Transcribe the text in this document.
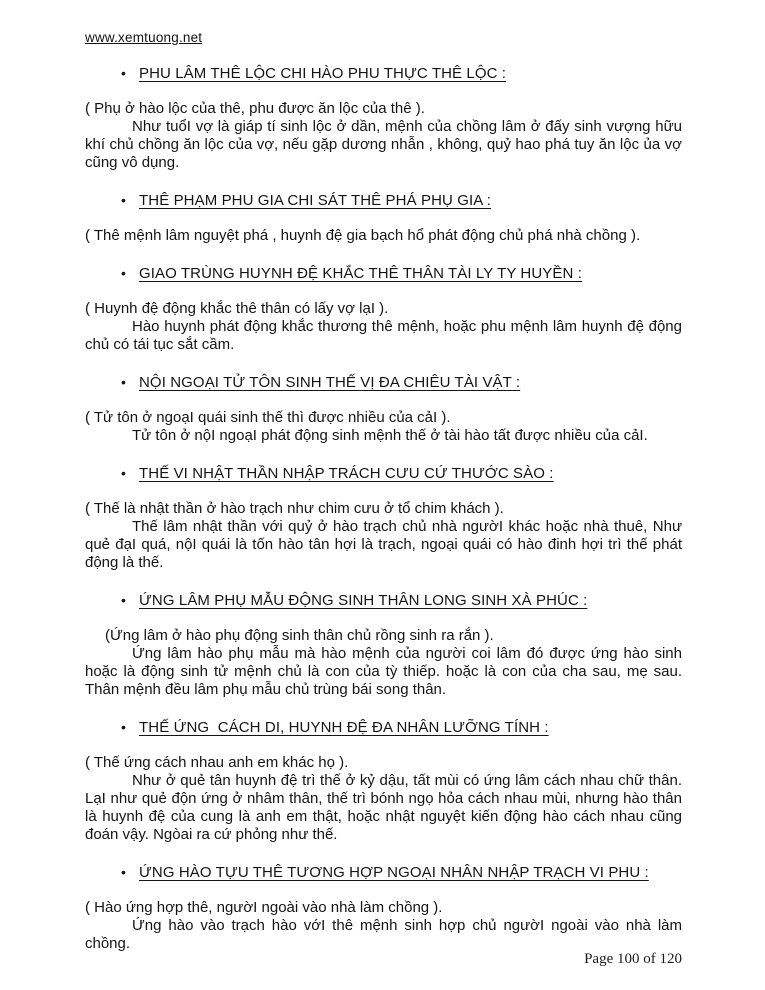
www.xemtuong.net
• PHU LÂM THÊ LỘC CHI HÀO PHU THỰC THÊ LỘC :
( Phụ ở hào lộc của thê, phu được ăn lộc của thê ).
Như tuổI vợ là giáp tí sinh lộc ở dần, mệnh của chồng lâm ở đấy sinh vượng hữu khí chủ chồng ăn lộc của vợ, nếu gặp dương nhẫn , không, quỷ hao phá tuy ăn lộc ủa vợ cũng vô dụng.
• THÊ PHẠM PHU GIA CHI SÁT THÊ PHÁ PHỤ GIA :
( Thê mệnh lâm nguyệt phá , huynh đệ gia bạch hổ phát động chủ phá nhà chồng ).
• GIAO TRÙNG HUYNH ĐỆ KHẮC THÊ THÂN TÀI LY TY HUYỀN :
( Huynh đệ động khắc thê thân có lấy vợ lạI ).
Hào huynh phát động khắc thương thê mệnh, hoặc phu mệnh lâm huynh đệ động chủ có tái tục sắt cầm.
• NỘI NGOẠI TỬ TÔN SINH THẾ VỊ ĐA CHIÊU TÀI VẬT :
( Tử tôn ở ngoạI quái sinh thế thì được nhiều của cảI ).
Tử tôn ở nộI ngoạI phát động sinh mệnh thế ở tài hào tất được nhiều của cảI.
• THẾ VI NHẬT THẦN NHẬP TRÁCH CƯU CỨ THƯỚC SÀO :
( Thế là nhật thần ở hào trạch như chim cưu ở tổ chim khách ).
Thế lâm nhật thần với quỷ ở hào trạch chủ nhà ngườI khác hoặc nhà thuê, Như quẻ đạI quá, nộI quái là tốn hào tân hợi là trạch, ngoại quái có hào đinh hợi trì thế phát động là thế.
• ỨNG LÂM PHỤ MẪU ĐỘNG SINH THÂN LONG SINH XÀ PHÚC :
(Ứng lâm ở hào phụ động sinh thân chủ rồng sinh ra rắn ).
Ứng lâm hào phụ mẫu mà hào mệnh của người coi lâm đó được ứng hào sinh hoặc là động sinh tử mệnh chủ là con của tỳ thiếp. hoặc là con của cha sau, mẹ sau. Thân mệnh đều lâm phụ mẫu chủ trùng bái song thân.
• THẾ ỨNG  CÁCH DI, HUYNH ĐỆ ĐA NHÂN LƯỠNG TÍNH :
( Thế ứng cách nhau anh em khác họ ).
Như ở quẻ tân huynh đệ trì thế ở kỷ dậu, tất mùi có ứng lâm cách nhau chữ thân. LạI như quẻ độn ứng ở nhâm thân, thế trì bónh ngọ hỏa cách nhau mùi, nhưng hào thân là huynh đệ của cung là anh em thật, hoặc nhật nguyệt kiến động hào cách nhau cũng đoán vậy. Ngòai ra cứ phỏng như thế.
• ỨNG HÀO TỰU THÊ TƯƠNG HỢP NGOẠI NHÂN NHẬP TRẠCH VI PHU :
( Hào ứng hợp thê, ngườI ngoài vào nhà làm chồng ).
Ứng hào vào trạch hào vớI thê mệnh sinh hợp chủ ngườI ngoài vào nhà làm chồng.
Page 100 of 120
